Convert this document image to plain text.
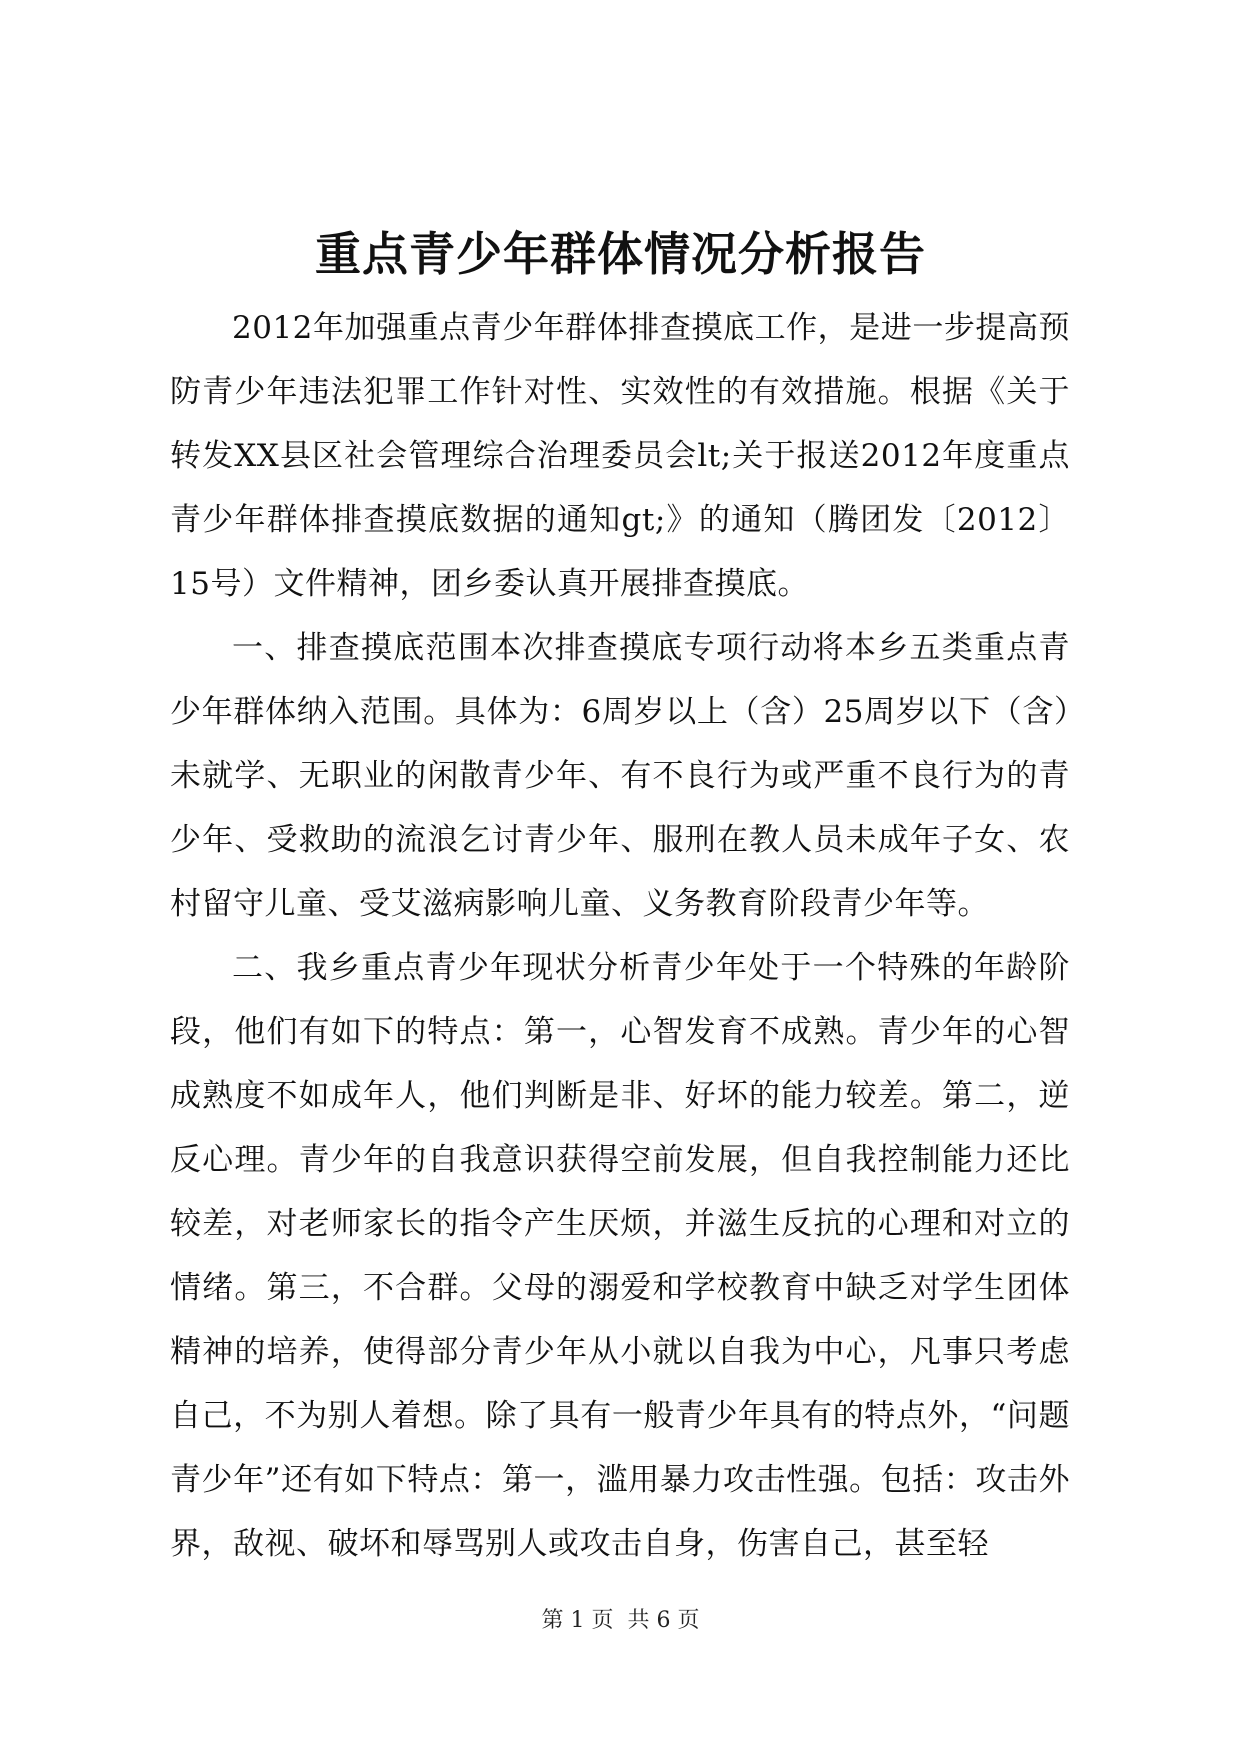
重点青少年群体情况分析报告

2012年加强重点青少年群体排查摸底工作，是进一步提高预防青少年违法犯罪工作针对性、实效性的有效措施。根据《关于转发XX县区社会管理综合治理委员会lt;关于报送2012年度重点青少年群体排查摸底数据的通知gt;》的通知（腾团发〔2012〕15号）文件精神，团乡委认真开展排查摸底。

一、排查摸底范围本次排查摸底专项行动将本乡五类重点青少年群体纳入范围。具体为：6周岁以上（含）25周岁以下（含）未就学、无职业的闲散青少年、有不良行为或严重不良行为的青少年、受救助的流浪乞讨青少年、服刑在教人员未成年子女、农村留守儿童、受艾滋病影响儿童、义务教育阶段青少年等。

二、我乡重点青少年现状分析青少年处于一个特殊的年龄阶段，他们有如下的特点：第一，心智发育不成熟。青少年的心智成熟度不如成年人，他们判断是非、好坏的能力较差。第二，逆反心理。青少年的自我意识获得空前发展，但自我控制能力还比较差，对老师家长的指令产生厌烦，并滋生反抗的心理和对立的情绪。第三，不合群。父母的溺爱和学校教育中缺乏对学生团体精神的培养，使得部分青少年从小就以自我为中心，凡事只考虑自己，不为别人着想。除了具有一般青少年具有的特点外，“问题青少年”还有如下特点：第一，滥用暴力攻击性强。包括：攻击外界，敌视、破坏和辱骂别人或攻击自身，伤害自己，甚至轻

第 1 页  共 6 页
